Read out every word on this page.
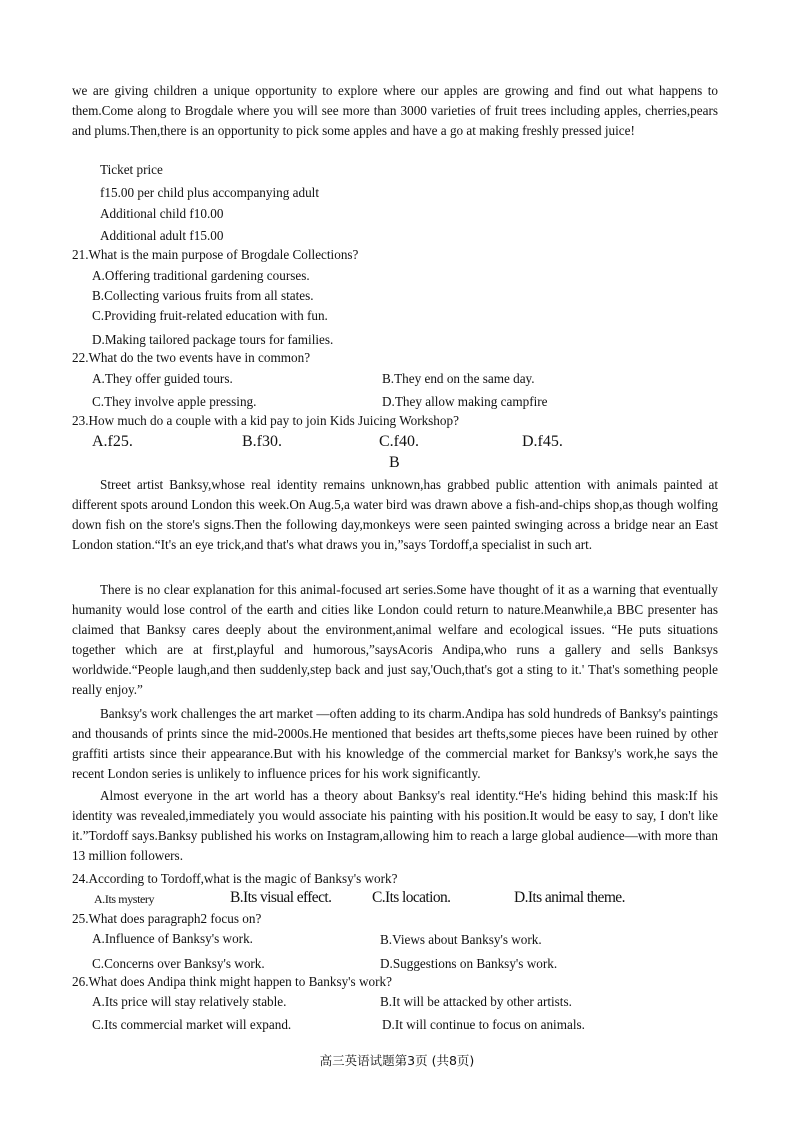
we are giving children a unique opportunity to explore where our apples are growing and find out what happens to them.Come along to Brogdale where you will see more than 3000 varieties of fruit trees including apples, cherries,pears and plums.Then,there is an opportunity to pick some apples and have a go at making freshly pressed juice!
Ticket price
f15.00 per child plus accompanying adult
Additional child f10.00
Additional adult f15.00
21.What is the main purpose of Brogdale Collections?
A.Offering traditional gardening courses.
B.Collecting various fruits from all states.
C.Providing fruit-related education with fun.
D.Making tailored package tours for families.
22.What do the two events have in common?
A.They offer guided tours.	B.They end on the same day.
C.They involve apple pressing.	D.They allow making campfire
23.How much do a couple with a kid pay to join Kids Juicing Workshop?
A.f25.	B.f30.	C.f40.	D.f45.
B
Street artist Banksy,whose real identity remains unknown,has grabbed public attention with animals painted at different spots around London this week.On Aug.5,a water bird was drawn above a fish-and-chips shop,as though wolfing down fish on the store's signs.Then the following day,monkeys were seen painted swinging across a bridge near an East London station.“It's an eye trick,and that's what draws you in,”says Tordoff,a specialist in such art.
There is no clear explanation for this animal-focused art series.Some have thought of it as a warning that eventually humanity would lose control of the earth and cities like London could return to nature.Meanwhile,a BBC presenter has claimed that Banksy cares deeply about the environment,animal welfare and ecological issues. “He puts situations together which are at first,playful and humorous,”saysAcoris Andipa,who runs a gallery and sells Banksys worldwide.“People laugh,and then suddenly,step back and just say,'Ouch,that's got a sting to it.' That's something people really enjoy.”
Banksy's work challenges the art market —often adding to its charm.Andipa has sold hundreds of Banksy's paintings and thousands of prints since the mid-2000s.He mentioned that besides art thefts,some pieces have been ruined by other graffiti artists since their appearance.But with his knowledge of the commercial market for Banksy's work,he says the recent London series is unlikely to influence prices for his work significantly.
Almost everyone in the art world has a theory about Banksy's real identity.“He's hiding behind this mask:If his identity was revealed,immediately you would associate his painting with his position.It would be easy to say, I don't like it.”Tordoff says.Banksy published his works on Instagram,allowing him to reach a large global audience—with more than 13 million followers.
24.According to Tordoff,what is the magic of Banksy's work?
A.Its mystery	B.Its visual effect.	C.Its location.	D.Its animal theme.
25.What does paragraph2 focus on?
A.Influence of Banksy's work.	B.Views about Banksy's work.
C.Concerns over Banksy's work.	D.Suggestions on Banksy's work.
26.What does Andipa think might happen to Banksy's work?
A.Its price will stay relatively stable.	B.It will be attacked by other artists.
C.Its commercial market will expand.	D.It will continue to focus on animals.
高三英语试题第3页 (共8页)
